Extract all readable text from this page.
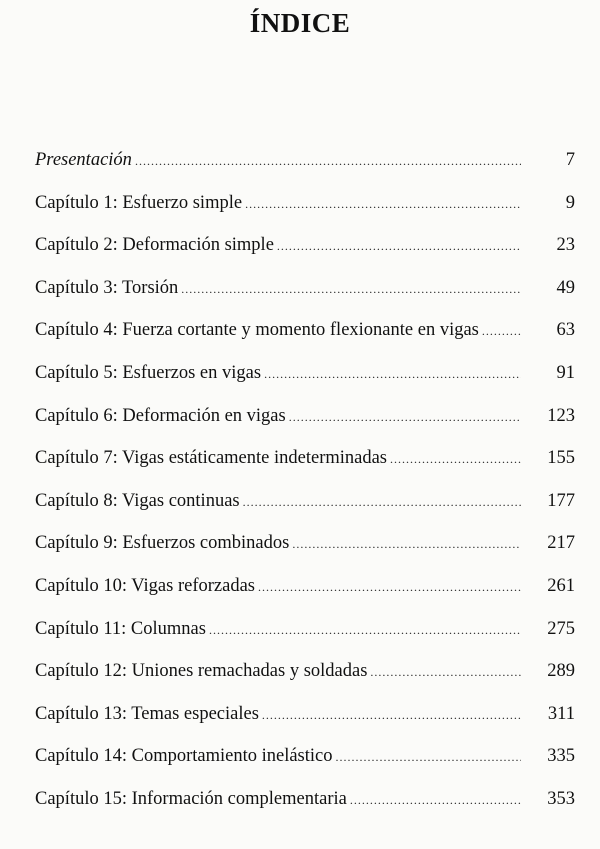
ÍNDICE
Presentación .....	7
Capítulo 1: Esfuerzo simple .....	9
Capítulo 2: Deformación simple .....	23
Capítulo 3: Torsión .....	49
Capítulo 4: Fuerza cortante y momento flexionante en vigas .....	63
Capítulo 5: Esfuerzos en vigas .....	91
Capítulo 6: Deformación en vigas .....	123
Capítulo 7: Vigas estáticamente indeterminadas .....	155
Capítulo 8: Vigas continuas .....	177
Capítulo 9: Esfuerzos combinados .....	217
Capítulo 10: Vigas reforzadas .....	261
Capítulo 11: Columnas .....	275
Capítulo 12: Uniones remachadas y soldadas .....	289
Capítulo 13: Temas especiales .....	311
Capítulo 14: Comportamiento inelástico .....	335
Capítulo 15: Información complementaria .....	353
